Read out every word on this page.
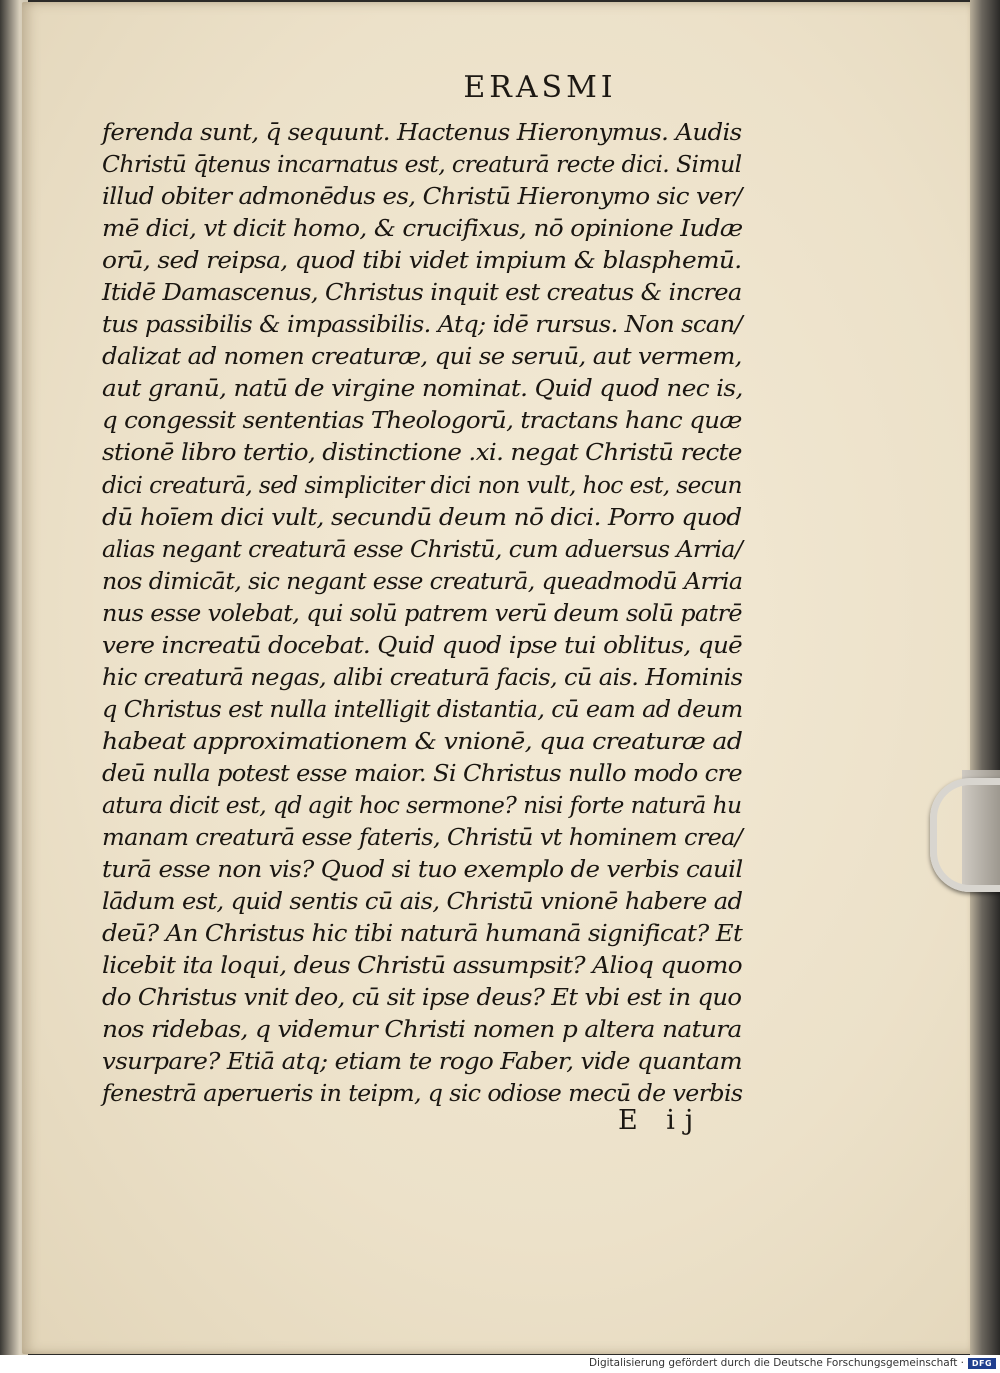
ERASMI
ferenda sunt, q̄ sequunt. Hactenus Hieronymus. Audis
Christū q̄tenus incarnatus est, creaturā recte dici. Simul
illud obiter admonēdus es, Christū Hieronymo sic ver/
mē dici, vt dicit homo, & crucifixus, nō opinione Iudæ
orū, sed reipsa, quod tibi videt impium & blasphemū.
Itidē Damascenus, Christus inquit est creatus & increa
tus passibilis & impassibilis. Atq; idē rursus. Non scan/
dalizat ad nomen creaturæ, qui se seruū, aut vermem,
aut granū, natū de virgine nominat. Quid quod nec is,
q congessit sententias Theologorū, tractans hanc quæ
stionē libro tertio, distinctione .xi. negat Christū recte
dici creaturā, sed simpliciter dici non vult, hoc est, secun
dū hoīem dici vult, secundū deum nō dici. Porro quod
alias negant creaturā esse Christū, cum aduersus Arria/
nos dimicāt, sic negant esse creaturā, queadmodū Arria
nus esse volebat, qui solū patrem verū deum solū patrē
vere increatū docebat. Quid quod ipse tui oblitus, quē
hic creaturā negas, alibi creaturā facis, cū ais. Hominis
q Christus est nulla intelligit distantia, cū eam ad deum
habeat approximationem & vnionē, qua creaturæ ad
deū nulla potest esse maior. Si Christus nullo modo cre
atura dicit est, qd agit hoc sermone? nisi forte naturā hu
manam creaturā esse fateris, Christū vt hominem crea/
turā esse non vis? Quod si tuo exemplo de verbis cauil
lādum est, quid sentis cū ais, Christū vnionē habere ad
deū? An Christus hic tibi naturā humanā significat? Et
licebit ita loqui, deus Christū assumpsit? Alioq quomo
do Christus vnit deo, cū sit ipse deus? Et vbi est in quo
nos ridebas, q videmur Christi nomen p altera natura
vsurpare? Etiā atq; etiam te rogo Faber, vide quantam
fenestrā aperueris in teipm, q sic odiose mecū de verbis
E ij
Digitalisierung gefördert durch die Deutsche Forschungsgemeinschaft · DFG
